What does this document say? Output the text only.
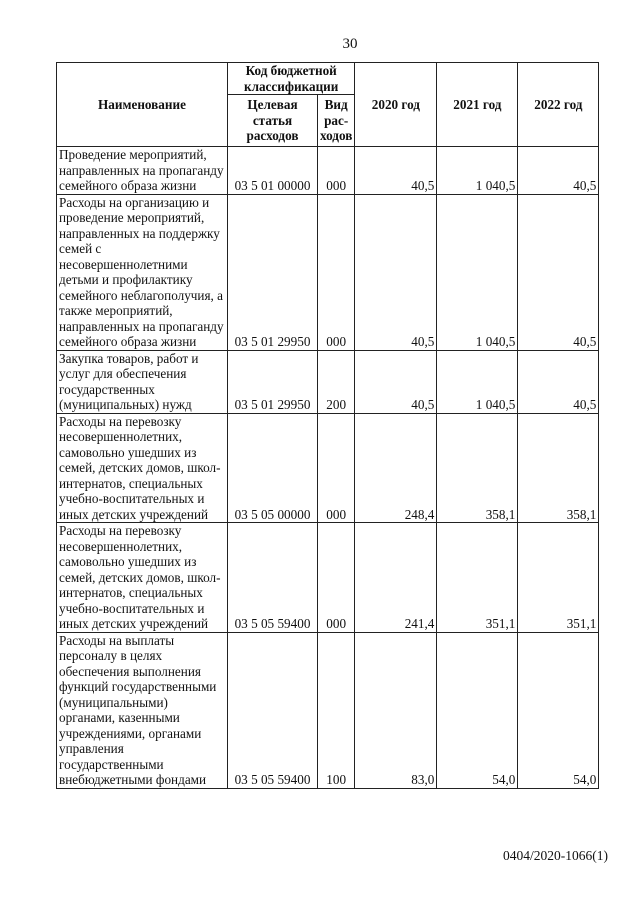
30
Наименование	Код бюджетной классификации		2020 год	2021 год	2022 год
	Целевая статья расходов	Вид рас-ходов			
Проведение мероприятий, направленных на пропаганду семейного образа жизни	03 5 01 00000	000	40,5	1 040,5	40,5
Расходы на организацию и проведение мероприятий, направленных на поддержку семей с несовершеннолетними детьми и профилактику семейного неблагополучия, а также мероприятий, направленных на пропаганду семейного образа жизни	03 5 01 29950	000	40,5	1 040,5	40,5
Закупка товаров, работ и услуг для обеспечения государственных (муниципальных) нужд	03 5 01 29950	200	40,5	1 040,5	40,5
Расходы на перевозку несовершеннолетних, самовольно ушедших из семей, детских домов, школ-интернатов, специальных учебно-воспитательных и иных детских учреждений	03 5 05 00000	000	248,4	358,1	358,1
Расходы на перевозку несовершеннолетних, самовольно ушедших из семей, детских домов, школ-интернатов, специальных учебно-воспитательных и иных детских учреждений	03 5 05 59400	000	241,4	351,1	351,1
Расходы на выплаты персоналу в целях обеспечения выполнения функций государственными (муниципальными) органами, казенными учреждениями, органами управления государственными внебюджетными фондами	03 5 05 59400	100	83,0	54,0	54,0
0404/2020-1066(1)
